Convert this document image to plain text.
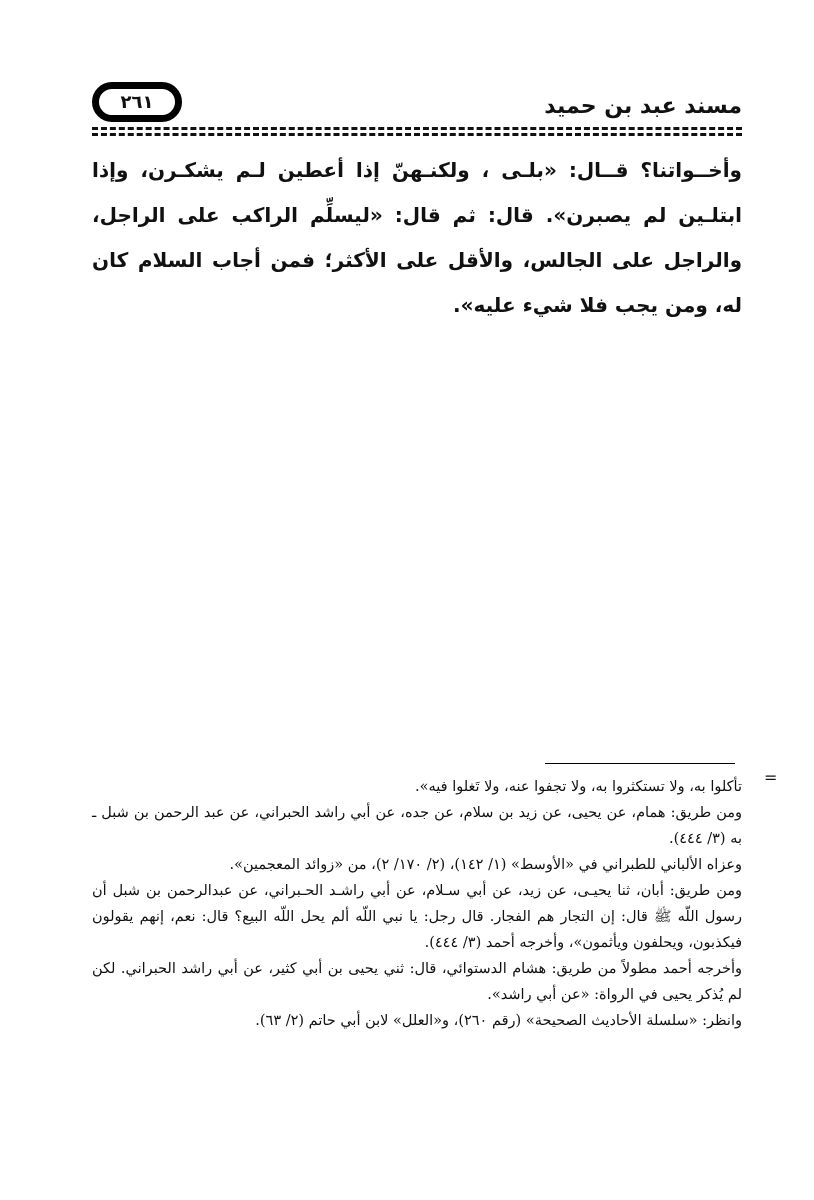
٢٦١	مسند عبد بن حميد

وأخــواتنا؟ قــال: «بلـى ، ولكنـهنّ إذا أعطين لـم يشكـرن، وإذا ابتلـين لم يصبرن». قال: ثم قال: «ليسلِّم الراكب على الراجل، والراجل على الجالس، والأقل على الأكثر؛ فمن أجاب السلام كان له، ومن يجب فلا شيء عليه».

=

تأكلوا به، ولا تستكثروا به، ولا تجفوا عنه، ولا تَغلوا فيه».

ومن طريق: همام، عن يحيى، عن زيد بن سلام، عن جده، عن أبي راشد الحبراني، عن عبد الرحمن بن شبل ـ به (٣/ ٤٤٤).

وعزاه الألباني للطبراني في «الأوسط» (١/ ١٤٢)، (٢/ ١٧٠/ ٢)، من «زوائد المعجمين».

ومن طريق: أبان، ثنا يحيـى، عن زيد، عن أبي سـلام، عن أبي راشـد الحـبراني، عن عبدالرحمن بن شبل أن رسول اللّه ﷺ قال: إن التجار هم الفجار. قال رجل: يا نبي اللّه ألم يحل اللّه البيع؟ قال: نعم، إنهم يقولون فيكذبون، ويحلفون ويأثمون»، وأخرجه أحمد (٣/ ٤٤٤).

وأخرجه أحمد مطولاً من طريق: هشام الدستوائي، قال: ثني يحيى بن أبي كثير، عن أبي راشد الحبراني. لكن لم يُذكر يحيى في الرواة: «عن أبي راشد».

وانظر: «سلسلة الأحاديث الصحيحة» (رقم ٢٦٠)، و«العلل» لابن أبي حاتم (٢/ ٦٣).
